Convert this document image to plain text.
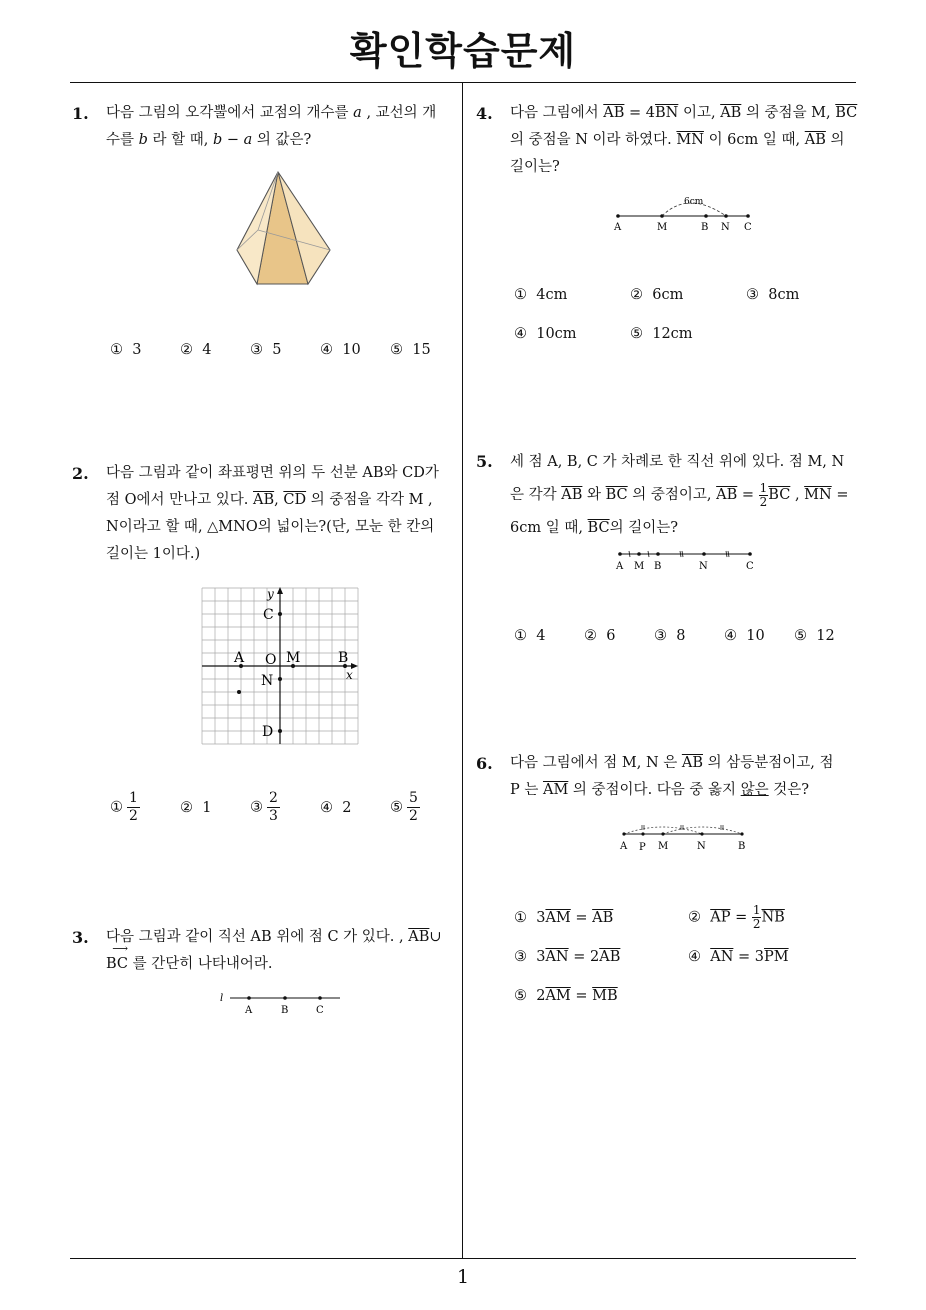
확인학습문제
1
1. 다음 그림의 오각뿔에서 교점의 개수를 a , 교선의 개
수를 b 라 할 때, b − a 의 값은?
① 3	② 4	③ 5	④ 10 ⑤ 15
2. 다음 그림과 같이 좌표평면 위의 두 선분 AB와 CD가
점 O에서 만나고 있다. $\overline{AB}$, $\overline{CD}$ 의 중점을 각각 M ,
N이라고 할 때, △MNO의 넓이는?(단, 모눈 한 칸의
길이는 1이다.)
y
x
C
A O M	B
N
D
① $\frac{1}{2}$	② 1	③ $\frac{2}{3}$	④ 2	⑤ $\frac{5}{2}$
3. 다음 그림과 같이 직선 AB 위에 점 C 가 있다. , $\overline{AB}\cup$
⟶
BC 를 간단히 나타내어라.
l
A	B	C
4. 다음 그림에서 $\overline{AB} = 4\overline{BN}$ 이고, $\overline{AB}$ 의 중점을 M, $\overline{BC}$
의 중점을 N 이라 하였다. $\overline{MN}$ 이 6cm 일 때, $\overline{AB}$ 의
길이는?
6cm
A	M	B N C
① 4cm	② 6cm	③ 8cm
④ 10cm	⑤ 12cm
5. 세 점 A, B, C 가 차례로 한 직선 위에 있다. 점 M, N
은 각각 $\overline{AB}$ 와 $\overline{BC}$ 의 중점이고, $\overline{AB} = \frac{1}{2} \overline{BC}$ , $\overline{MN}$ =
6cm 일 때, $\overline{BC}$의 길이는?
A M B	N	C
① 4	② 6	③ 8	④ 10 ⑤ 12
6. 다음 그림에서 점 M, N 은 $\overline{AB}$ 의 삼등분점이고, 점
P 는 $\overline{AM}$ 의 중점이다. 다음 중 옳지 않은 것은?
A P M	N	B
① $3\overline{AM} = \overline{AB}$	② $\overline{AP} = \frac{1}{2} \overline{NB}$
③ $3\overline{AN} = 2\overline{AB}$	④ $\overline{AN} = 3\overline{PM}$
⑤ $2\overline{AM} = \overline{MB}$
